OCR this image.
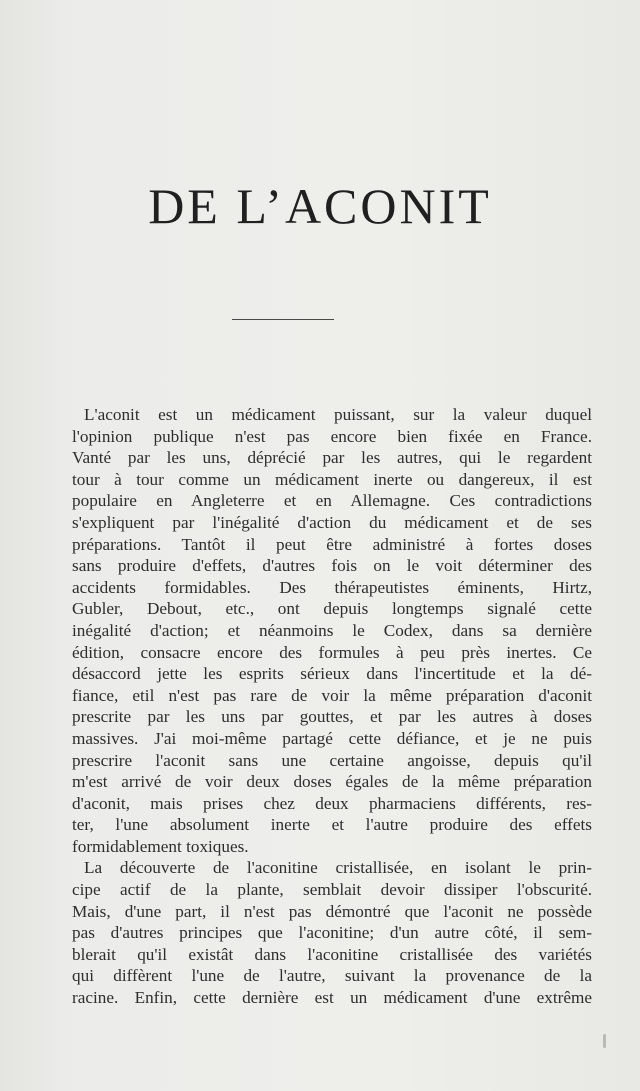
DE L’ACONIT
L'aconit est un médicament puissant, sur la valeur duquel
l'opinion publique n'est pas encore bien fixée en France.
Vanté par les uns, déprécié par les autres, qui le regardent
tour à tour comme un médicament inerte ou dangereux, il est
populaire en Angleterre et en Allemagne. Ces contradictions
s'expliquent par l'inégalité d'action du médicament et de ses
préparations. Tantôt il peut être administré à fortes doses
sans produire d'effets, d'autres fois on le voit déterminer des
accidents formidables. Des thérapeutistes éminents, Hirtz,
Gubler, Debout, etc., ont depuis longtemps signalé cette
inégalité d'action; et néanmoins le Codex, dans sa dernière
édition, consacre encore des formules à peu près inertes. Ce
désaccord jette les esprits sérieux dans l'incertitude et la dé-
fiance, etil n'est pas rare de voir la même préparation d'aconit
prescrite par les uns par gouttes, et par les autres à doses
massives. J'ai moi-même partagé cette défiance, et je ne puis
prescrire l'aconit sans une certaine angoisse, depuis qu'il
m'est arrivé de voir deux doses égales de la même préparation
d'aconit, mais prises chez deux pharmaciens différents, res-
ter, l'une absolument inerte et l'autre produire des effets
formidablement toxiques.
La découverte de l'aconitine cristallisée, en isolant le prin-
cipe actif de la plante, semblait devoir dissiper l'obscurité.
Mais, d'une part, il n'est pas démontré que l'aconit ne possède
pas d'autres principes que l'aconitine; d'un autre côté, il sem-
blerait qu'il existât dans l'aconitine cristallisée des variétés
qui diffèrent l'une de l'autre, suivant la provenance de la
racine. Enfin, cette dernière est un médicament d'une extrême
